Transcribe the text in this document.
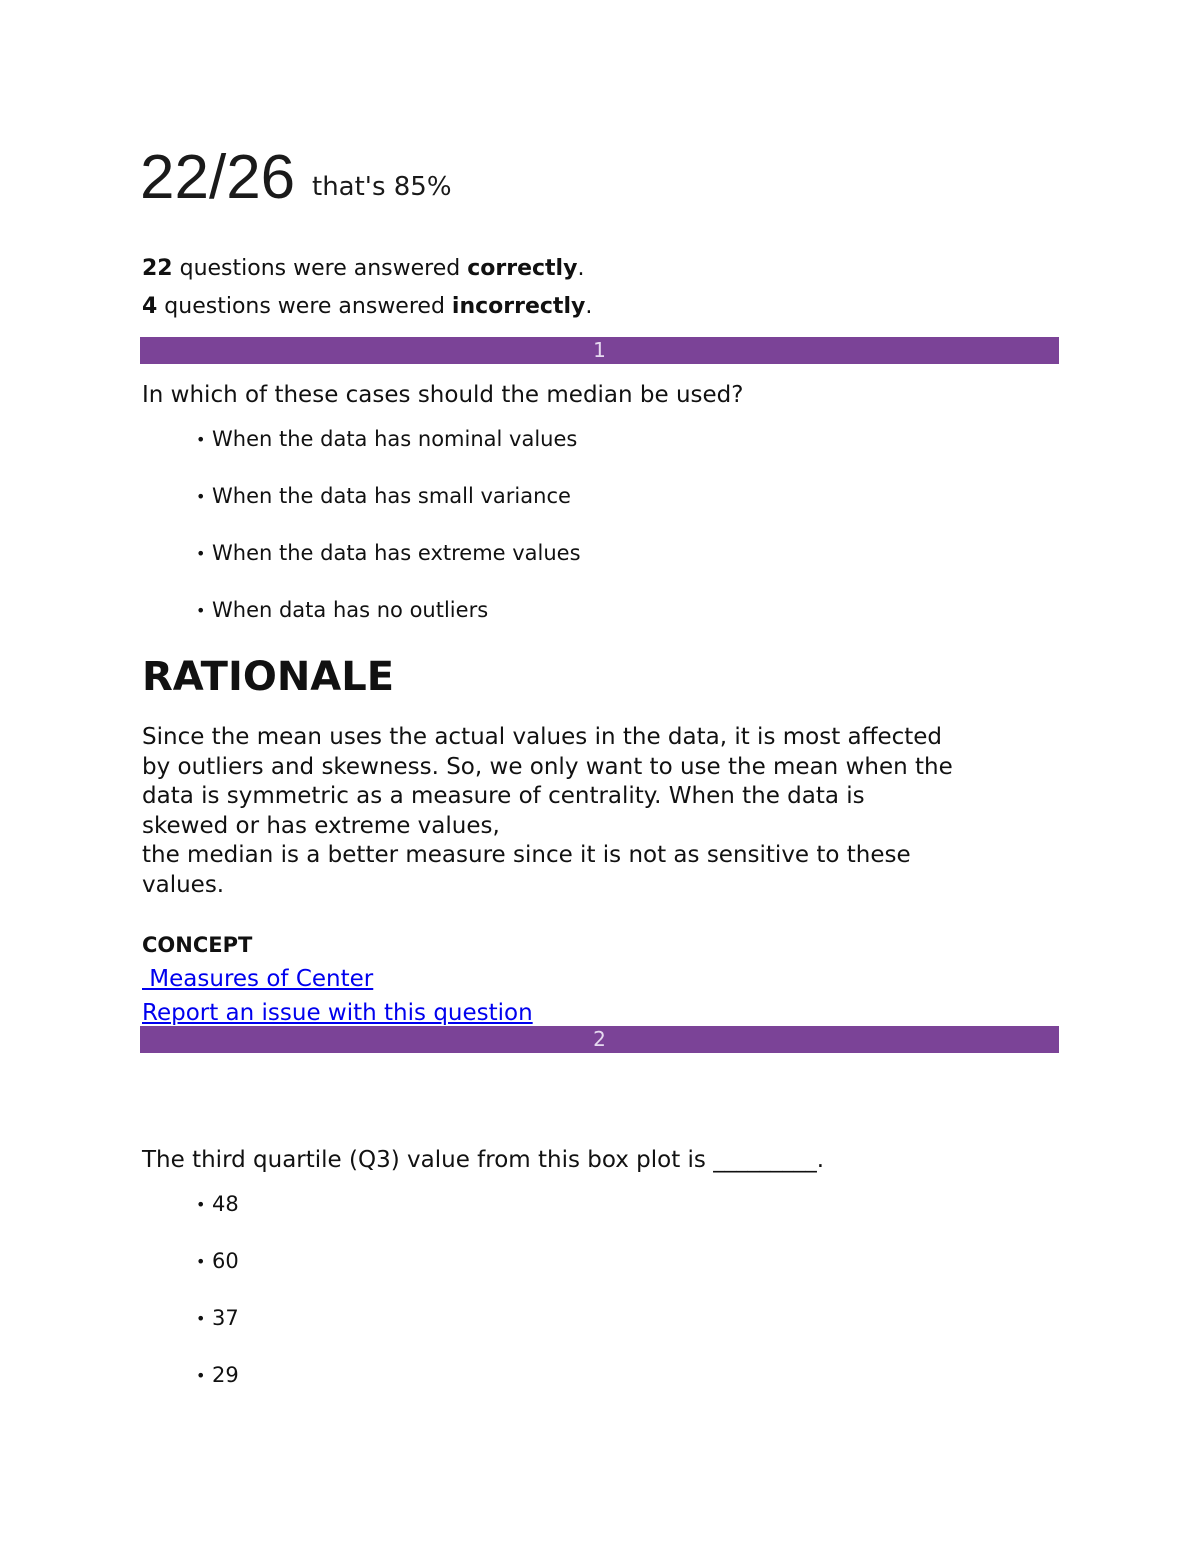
22/26 that's 85%
22 questions were answered correctly.
4 questions were answered incorrectly.
1
In which of these cases should the median be used?
• When the data has nominal values
• When the data has small variance
• When the data has extreme values
• When data has no outliers
RATIONALE
Since the mean uses the actual values in the data, it is most affected
by outliers and skewness. So, we only want to use the mean when the
data is symmetric as a measure of centrality. When the data is
skewed or has extreme values,
the median is a better measure since it is not as sensitive to these
values.
CONCEPT
Measures of Center
Report an issue with this question
2
The third quartile (Q3) value from this box plot is _________.
• 48
• 60
• 37
• 29
